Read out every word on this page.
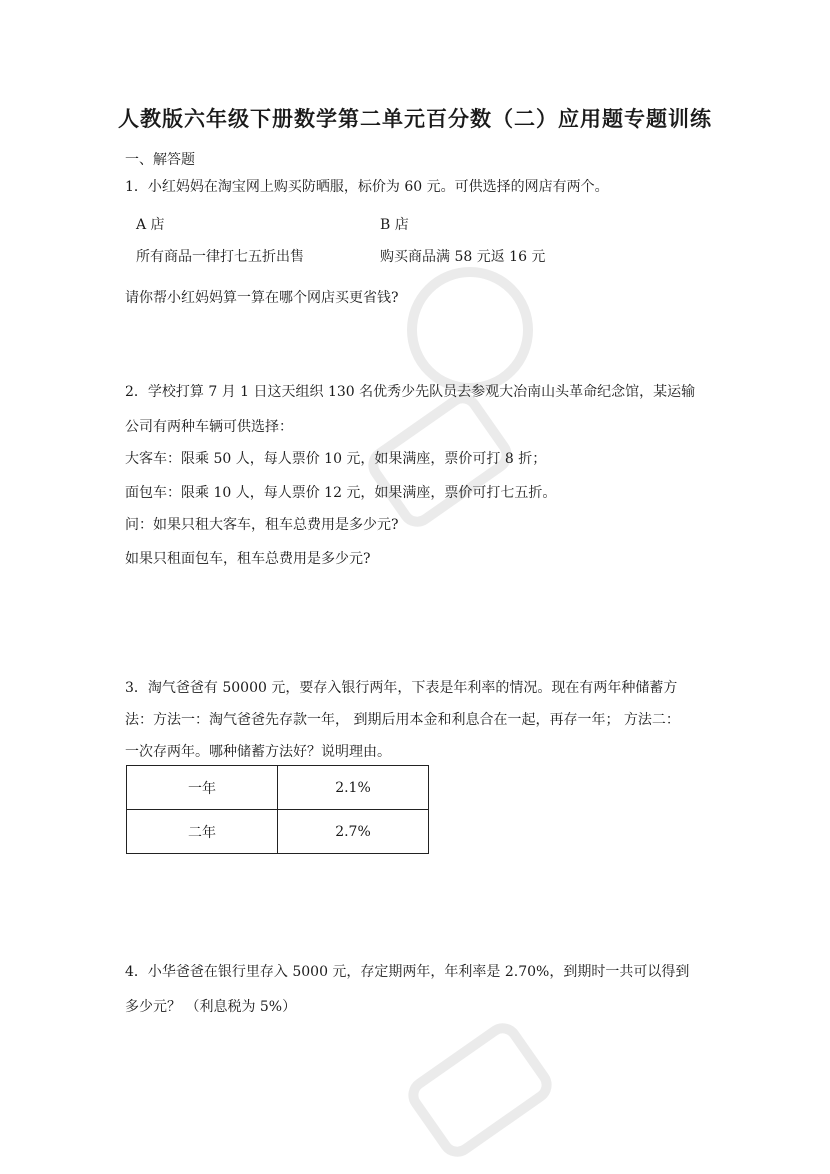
人教版六年级下册数学第二单元百分数（二）应用题专题训练
一、解答题
1．小红妈妈在淘宝网上购买防晒服，标价为 60 元。可供选择的网店有两个。
A 店	B 店
所有商品一律打七五折出售	购买商品满 58 元返 16 元
请你帮小红妈妈算一算在哪个网店买更省钱?
2．学校打算 7 月 1 日这天组织 130 名优秀少先队员去参观大冶南山头革命纪念馆，某运输
公司有两种车辆可供选择：
大客车：限乘 50 人，每人票价 10 元，如果满座，票价可打 8 折；
面包车：限乘 10 人，每人票价 12 元，如果满座，票价可打七五折。
问：如果只租大客车，租车总费用是多少元?
如果只租面包车，租车总费用是多少元?
3．淘气爸爸有 50000 元，要存入银行两年，下表是年利率的情况。现在有两年种储蓄方
法：方法一：淘气爸爸先存款一年， 到期后用本金和利息合在一起，再存一年； 方法二：
一次存两年。哪种储蓄方法好？说明理由。
一年	2.1%
二年	2.7%
4．小华爸爸在银行里存入 5000 元，存定期两年，年利率是 2.70%，到期时一共可以得到
多少元？ （利息税为 5%）
